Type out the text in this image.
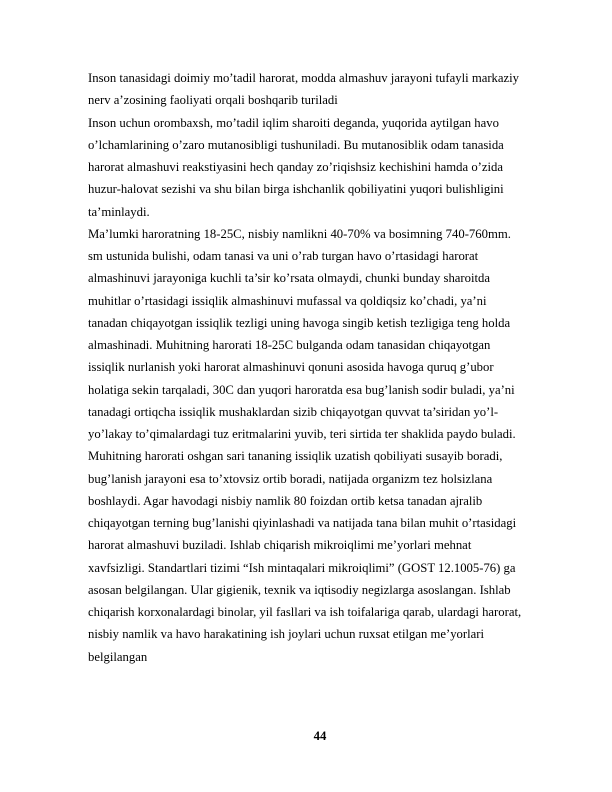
Inson tanasidagi doimiy mo’tadil harorat, modda almashuv jarayoni tufayli markaziy
nerv a’zosining faoliyati orqali boshqarib turiladi
Inson uchun orombaxsh, mo’tadil iqlim sharoiti deganda, yuqorida aytilgan havo
o’lchamlarining o’zaro mutanosibligi tushuniladi. Bu mutanosiblik odam tanasida
harorat almashuvi reakstiyasini hech qanday zo’riqishsiz kechishini hamda o’zida
huzur-halovat sezishi va shu bilan birga ishchanlik qobiliyatini yuqori bulishligini
ta’minlaydi.
Ma’lumki haroratning 18-25C, nisbiy namlikni 40-70% va bosimning 740-760mm.
sm ustunida bulishi, odam tanasi va uni o’rab turgan havo o’rtasidagi harorat
almashinuvi jarayoniga kuchli ta’sir ko’rsata olmaydi, chunki bunday sharoitda
muhitlar o’rtasidagi issiqlik almashinuvi mufassal va qoldiqsiz ko’chadi, ya’ni
tanadan chiqayotgan issiqlik tezligi uning havoga singib ketish tezligiga teng holda
almashinadi. Muhitning harorati 18-25C bulganda odam tanasidan chiqayotgan
issiqlik nurlanish yoki harorat almashinuvi qonuni asosida havoga quruq g’ubor
holatiga sekin tarqaladi, 30C dan yuqori haroratda esa bug’lanish sodir buladi, ya’ni
tanadagi ortiqcha issiqlik mushaklardan sizib chiqayotgan quvvat ta’siridan yo’l-
yo’lakay to’qimalardagi tuz eritmalarini yuvib, teri sirtida ter shaklida paydo buladi.
Muhitning harorati oshgan sari tananing issiqlik uzatish qobiliyati susayib boradi,
bug’lanish jarayoni esa to’xtovsiz ortib boradi, natijada organizm tez holsizlana
boshlaydi. Agar havodagi nisbiy namlik 80 foizdan ortib ketsa tanadan ajralib
chiqayotgan terning bug’lanishi qiyinlashadi va natijada tana bilan muhit o’rtasidagi
harorat almashuvi buziladi. Ishlab chiqarish mikroiqlimi me’yorlari mehnat
xavfsizligi. Standartlari tizimi “Ish mintaqalari mikroiqlimi” (GOST 12.1005-76) ga
asosan belgilangan. Ular gigienik, texnik va iqtisodiy negizlarga asoslangan. Ishlab
chiqarish korxonalardagi binolar, yil fasllari va ish toifalariga qarab, ulardagi harorat,
nisbiy namlik va havo harakatining ish joylari uchun ruxsat etilgan me’yorlari
belgilangan
44
